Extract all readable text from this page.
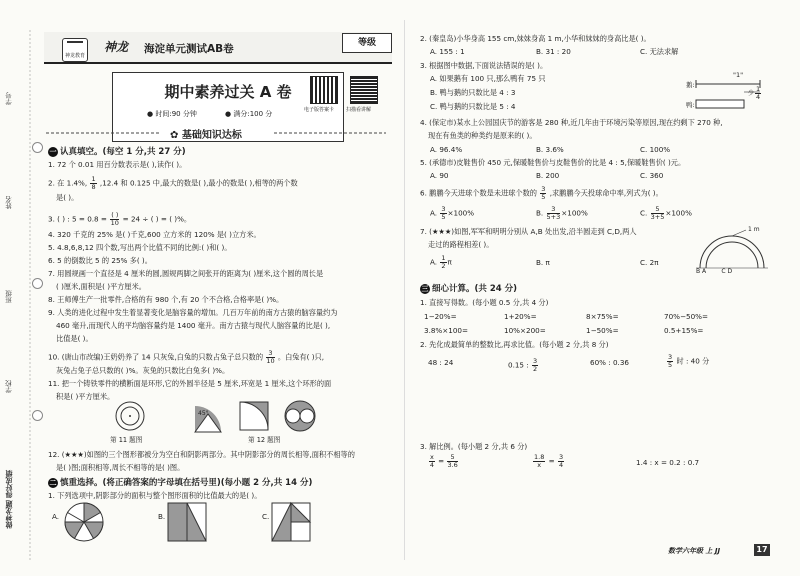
学号
姓名
班级
学校
做神龙题 得好成绩
神龙教育
神龙 海淀单元测试AB卷
期中素养过关 A 卷
● 时间:90 分钟	● 满分:100 分	电子版答案卡 扫描看讲解
等级
✿ 基础知识达标
一 认真填空。(每空 1 分,共 27 分)
1. 72 个 0.01 用百分数表示是( ),读作( )。
2. 在 1.4%, $\frac{1}{8} ,12.4$ 和 0.125 中,最大的数是( ),最小的数是( ),相等的两个数
是( )。
3. ( ) : $5 = 0.8 = \frac{( )}{10} = 24$ ÷ ( ) = ( )%。
4. 320 千克的 25% 是( )千克,600 立方米的 120% 是( )立方米。
5. 4.8,6,8,12 四个数,写出两个比值不同的比例:( )和( )。
6. 5 的倒数比 5 的 25% 多( )。
7. 用圆规画一个直径是 4 厘米的圆,圆规两脚之间张开的距离为( )厘米,这个圆的周长是
( )厘米,面积是( )平方厘米。
8. 王师傅生产一批零件,合格的有 980 个,有 20 个不合格,合格率是( )%。
9. 人类的进化过程中发生着显著变化是脑容量的增加。几百万年前的南方古猿的脑容量约为
460 毫升,而现代人的平均脑容量约是 1400 毫升。南方古猿与现代人脑容量的比是( ),
比值是( )。
10. (唐山市改编)王奶奶养了 14 只灰兔,白兔的只数占兔子总只数的 $\frac{3}{10}$ 。白兔有( )只,
灰兔占兔子总只数的( )%。灰兔的只数比白兔多( )%。
11. 把一个铸铁零件的横断面是环形,它的外圆半径是 5 厘米,环宽是 1 厘米,这个环形的面
积是( )平方厘米。
45°
第 11 题图	第 12 题图
12. (★★★)如图的三个图形都被分为空白和阴影两部分。其中阴影部分的周长相等,面积不相等的
是( )图;面积相等,周长不相等的是( )图。
二 慎重选择。(将正确答案的字母填在括号里)(每小题 2 分,共 14 分)
1. 下列选项中,阴影部分的面积与整个图形面积的比值最大的是( )。
A.	B.	C.
2. (秦皇岛)小华身高 155 cm,妹妹身高 1 m,小华和妹妹的身高比是( )。
A. 155 : 1	B. 31 : 20	C. 无法求解
3. 根据图中数据,下面说法错误的是( )。
A. 如果鹅有 100 只,那么鸭有 75 只
B. 鸭与鹅的只数比是 4 : 3
C. 鸭与鹅的只数比是 5 : 4
"1"
鹅:
鸭:
少 $\frac{1}{4}$
4. (保定市)某水上公园国庆节的游客是 280 种,近几年由于环境污染等原因,现在约剩下 270 种,
现在有鱼类的种类约是原来的( )。
A. 96.4%	B. 3.6%	C. 100%
5. (承德市)皮鞋售价 450 元,保暖鞋售价与皮鞋售价的比是 4 : 5,保暖鞋售价( )元。
A. 90	B. 200	C. 360
6. 鹏鹏今天进球个数是未进球个数的 $\frac{3}{5}$ ,求鹏鹏今天投球命中率,列式为( )。
A. $\frac{3}{5} \times 100\%$	B. $\frac{3}{5+3} \times 100\%$	C. $\frac{5}{3+5} \times 100\%$
7. (★★★)如图,军军和明明分别从 A,B 处出发,沿半圆走到 C,D,两人
走过的路程相差( )。
A. $\frac{1}{2}$ π	B. π	C. 2π
1 m
B A        C D
三 细心计算。(共 24 分)
1. 直接写得数。(每小题 0.5 分,共 4 分)
1−20%=	1+20%=	8×75%=	70%−50%=
3.8%×100=	10%×200=	1−50%=	0.5+15%=
2. 先化成最简单的整数比,再求比值。(每小题 2 分,共 8 分)
48 : 24	0.15 : $\frac{3}{2}$	60% : 0.36	$\frac{3}{5}$ 时 : 40 分
3. 解比例。(每小题 2 分,共 6 分)
$\frac{x}{4} = \frac{5}{3.6}$	$\frac{1.8}{x} = \frac{3}{4}$	1.4 : x = 0.2 : 0.7
数学六年级 上 JJ	17
